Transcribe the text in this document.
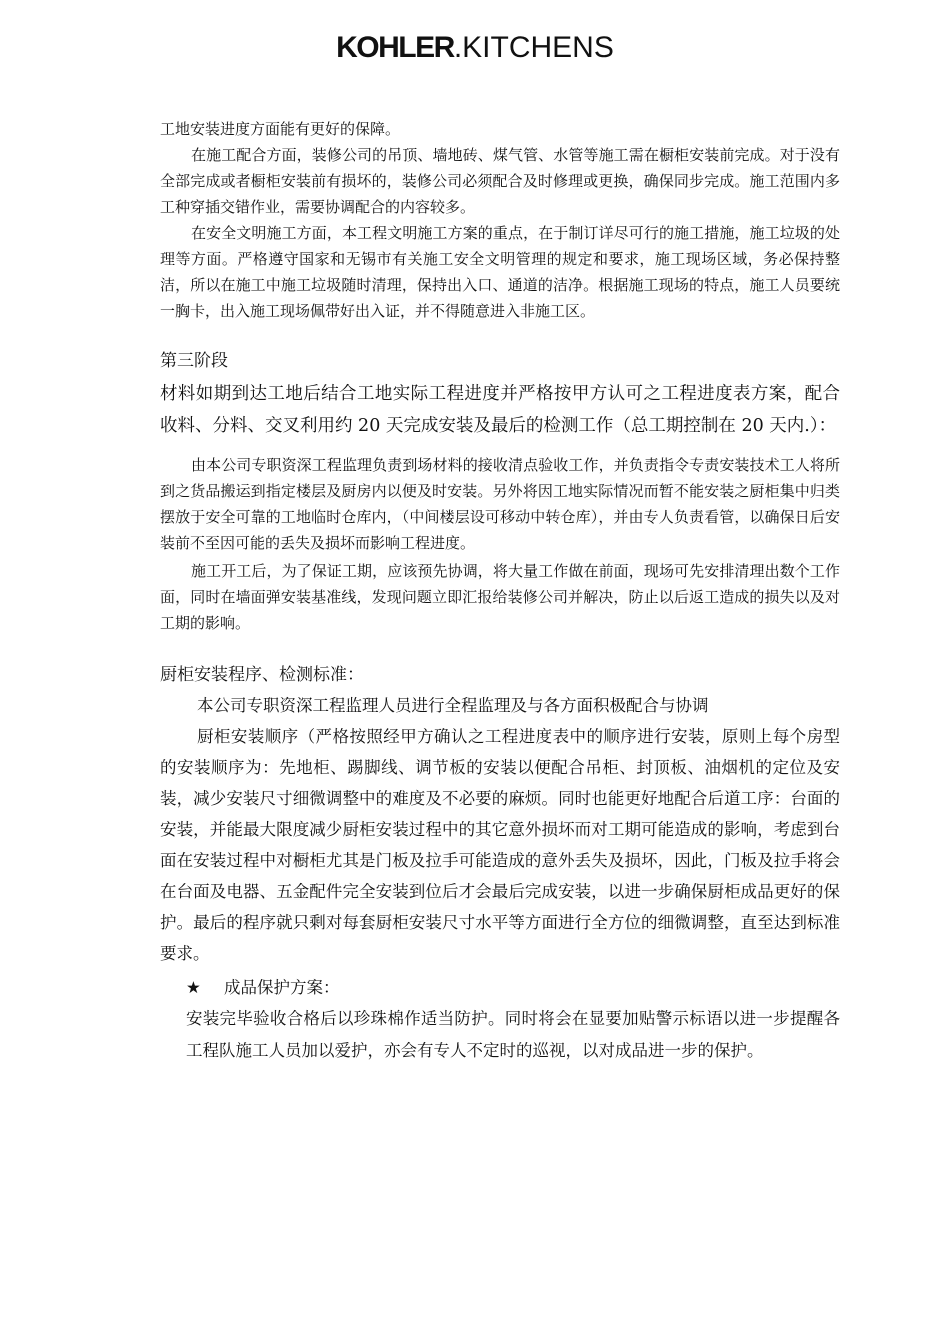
KOHLER.KITCHENS

工地安装进度方面能有更好的保障。

在施工配合方面，装修公司的吊顶、墙地砖、煤气管、水管等施工需在橱柜安装前完成。对于没有全部完成或者橱柜安装前有损坏的，装修公司必须配合及时修理或更换，确保同步完成。施工范围内多工种穿插交错作业，需要协调配合的内容较多。

在安全文明施工方面，本工程文明施工方案的重点，在于制订详尽可行的施工措施，施工垃圾的处理等方面。严格遵守国家和无锡市有关施工安全文明管理的规定和要求，施工现场区域，务必保持整洁，所以在施工中施工垃圾随时清理，保持出入口、通道的洁净。根据施工现场的特点，施工人员要统一胸卡，出入施工现场佩带好出入证，并不得随意进入非施工区。

第三阶段

材料如期到达工地后结合工地实际工程进度并严格按甲方认可之工程进度表方案，配合收料、分料、交叉利用约 20 天完成安装及最后的检测工作（总工期控制在 20 天内.）：

由本公司专职资深工程监理负责到场材料的接收清点验收工作，并负责指令专责安装技术工人将所到之货品搬运到指定楼层及厨房内以便及时安装。另外将因工地实际情况而暂不能安装之厨柜集中归类摆放于安全可靠的工地临时仓库内，（中间楼层设可移动中转仓库），并由专人负责看管，以确保日后安装前不至因可能的丢失及损坏而影响工程进度。

施工开工后，为了保证工期，应该预先协调，将大量工作做在前面，现场可先安排清理出数个工作面，同时在墙面弹安装基准线，发现问题立即汇报给装修公司并解决，防止以后返工造成的损失以及对工期的影响。

厨柜安装程序、检测标准：

本公司专职资深工程监理人员进行全程监理及与各方面积极配合与协调

厨柜安装顺序（严格按照经甲方确认之工程进度表中的顺序进行安装，原则上每个房型的安装顺序为：先地柜、踢脚线、调节板的安装以便配合吊柜、封顶板、油烟机的定位及安装，减少安装尺寸细微调整中的难度及不必要的麻烦。同时也能更好地配合后道工序：台面的安装，并能最大限度减少厨柜安装过程中的其它意外损坏而对工期可能造成的影响，考虑到台面在安装过程中对橱柜尤其是门板及拉手可能造成的意外丢失及损坏，因此，门板及拉手将会在台面及电器、五金配件完全安装到位后才会最后完成安装，以进一步确保厨柜成品更好的保护。最后的程序就只剩对每套厨柜安装尺寸水平等方面进行全方位的细微调整，直至达到标准要求。

★ 成品保护方案：

安装完毕验收合格后以珍珠棉作适当防护。同时将会在显要加贴警示标语以进一步提醒各工程队施工人员加以爱护，亦会有专人不定时的巡视，以对成品进一步的保护。
